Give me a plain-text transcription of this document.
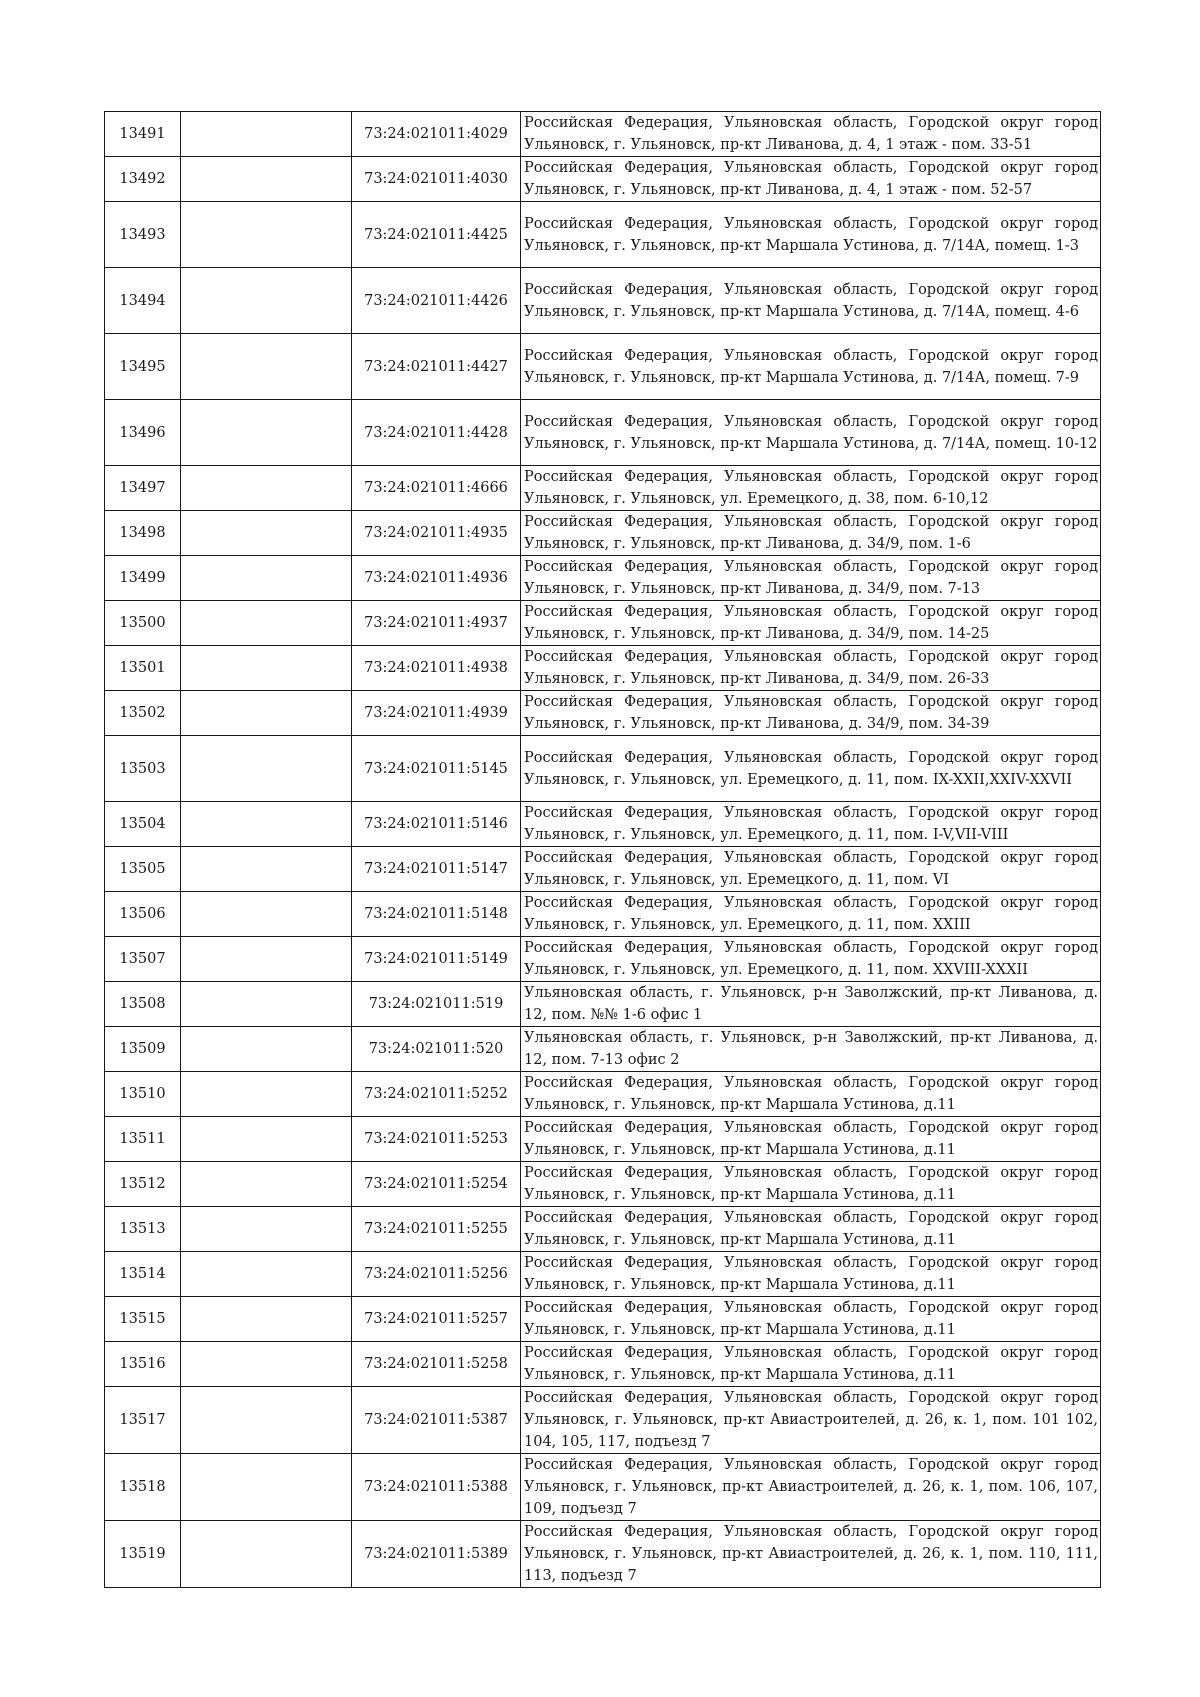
13491		73:24:021011:4029	Российская Федерация, Ульяновская область, Городской округ город Ульяновск, г. Ульяновск, пр-кт Ливанова, д. 4, 1 этаж - пом. 33-51

13492		73:24:021011:4030	Российская Федерация, Ульяновская область, Городской округ город Ульяновск, г. Ульяновск, пр-кт Ливанова, д. 4, 1 этаж - пом. 52-57

13493		73:24:021011:4425	Российская Федерация, Ульяновская область, Городской округ город Ульяновск, г. Ульяновск, пр-кт Маршала Устинова, д. 7/14А, помещ. 1-3

13494		73:24:021011:4426	Российская Федерация, Ульяновская область, Городской округ город Ульяновск, г. Ульяновск, пр-кт Маршала Устинова, д. 7/14А, помещ. 4-6

13495		73:24:021011:4427	Российская Федерация, Ульяновская область, Городской округ город Ульяновск, г. Ульяновск, пр-кт Маршала Устинова, д. 7/14А, помещ. 7-9

13496		73:24:021011:4428	Российская Федерация, Ульяновская область, Городской округ город Ульяновск, г. Ульяновск, пр-кт Маршала Устинова, д. 7/14А, помещ. 10-12

13497		73:24:021011:4666	Российская Федерация, Ульяновская область, Городской округ город Ульяновск, г. Ульяновск, ул. Еремецкого, д. 38, пом. 6-10,12

13498		73:24:021011:4935	Российская Федерация, Ульяновская область, Городской округ город Ульяновск, г. Ульяновск, пр-кт Ливанова, д. 34/9, пом. 1-6

13499		73:24:021011:4936	Российская Федерация, Ульяновская область, Городской округ город Ульяновск, г. Ульяновск, пр-кт Ливанова, д. 34/9, пом. 7-13

13500		73:24:021011:4937	Российская Федерация, Ульяновская область, Городской округ город Ульяновск, г. Ульяновск, пр-кт Ливанова, д. 34/9, пом. 14-25

13501		73:24:021011:4938	Российская Федерация, Ульяновская область, Городской округ город Ульяновск, г. Ульяновск, пр-кт Ливанова, д. 34/9, пом. 26-33

13502		73:24:021011:4939	Российская Федерация, Ульяновская область, Городской округ город Ульяновск, г. Ульяновск, пр-кт Ливанова, д. 34/9, пом. 34-39

13503		73:24:021011:5145	Российская Федерация, Ульяновская область, Городской округ город Ульяновск, г. Ульяновск, ул. Еремецкого, д. 11, пом. IX-XXII,XXIV-XXVII

13504		73:24:021011:5146	Российская Федерация, Ульяновская область, Городской округ город Ульяновск, г. Ульяновск, ул. Еремецкого, д. 11, пом. I-V,VII-VIII

13505		73:24:021011:5147	Российская Федерация, Ульяновская область, Городской округ город Ульяновск, г. Ульяновск, ул. Еремецкого, д. 11, пом. VI

13506		73:24:021011:5148	Российская Федерация, Ульяновская область, Городской округ город Ульяновск, г. Ульяновск, ул. Еремецкого, д. 11, пом. XXIII

13507		73:24:021011:5149	Российская Федерация, Ульяновская область, Городской округ город Ульяновск, г. Ульяновск, ул. Еремецкого, д. 11, пом. XXVIII-XXXII

13508		73:24:021011:519	Ульяновская область, г. Ульяновск, р-н Заволжский, пр-кт Ливанова, д. 12, пом. №№ 1-6 офис 1

13509		73:24:021011:520	Ульяновская область, г. Ульяновск, р-н Заволжский, пр-кт Ливанова, д. 12, пом. 7-13 офис 2

13510		73:24:021011:5252	Российская Федерация, Ульяновская область, Городской округ город Ульяновск, г. Ульяновск, пр-кт Маршала Устинова, д.11

13511		73:24:021011:5253	Российская Федерация, Ульяновская область, Городской округ город Ульяновск, г. Ульяновск, пр-кт Маршала Устинова, д.11

13512		73:24:021011:5254	Российская Федерация, Ульяновская область, Городской округ город Ульяновск, г. Ульяновск, пр-кт Маршала Устинова, д.11

13513		73:24:021011:5255	Российская Федерация, Ульяновская область, Городской округ город Ульяновск, г. Ульяновск, пр-кт Маршала Устинова, д.11

13514		73:24:021011:5256	Российская Федерация, Ульяновская область, Городской округ город Ульяновск, г. Ульяновск, пр-кт Маршала Устинова, д.11

13515		73:24:021011:5257	Российская Федерация, Ульяновская область, Городской округ город Ульяновск, г. Ульяновск, пр-кт Маршала Устинова, д.11

13516		73:24:021011:5258	Российская Федерация, Ульяновская область, Городской округ город Ульяновск, г. Ульяновск, пр-кт Маршала Устинова, д.11

13517		73:24:021011:5387	Российская Федерация, Ульяновская область, Городской округ город Ульяновск, г. Ульяновск, пр-кт Авиастроителей, д. 26, к. 1, пом. 101 102, 104, 105, 117, подъезд 7

13518		73:24:021011:5388	Российская Федерация, Ульяновская область, Городской округ город Ульяновск, г. Ульяновск, пр-кт Авиастроителей, д. 26, к. 1, пом. 106, 107, 109, подъезд 7

13519		73:24:021011:5389	Российская Федерация, Ульяновская область, Городской округ город Ульяновск, г. Ульяновск, пр-кт Авиастроителей, д. 26, к. 1, пом. 110, 111, 113, подъезд 7
